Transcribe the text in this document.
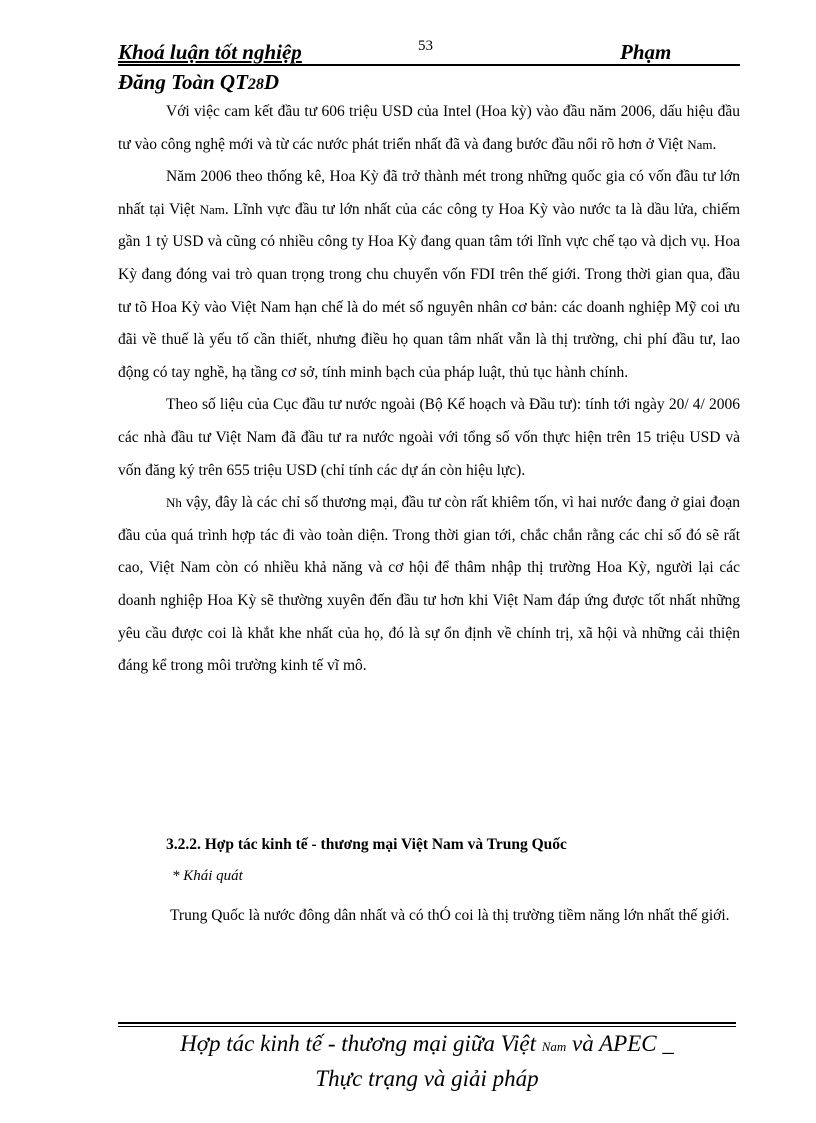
53
Khoá luận tốt nghiệp	Phạm
Đăng Toàn QT28D

Với việc cam kết đầu tư 606 triệu USD của Intel (Hoa kỳ) vào đầu năm 2006, dấu hiệu đầu tư vào công nghệ mới và từ các nước phát triển nhất đã và đang bước đầu nổi rõ hơn ở Việt Nam.

Năm 2006 theo thống kê, Hoa Kỳ đã trở thành mét trong những quốc gia có vốn đầu tư lớn nhất tại Việt Nam. Lĩnh vực đầu tư lớn nhất của các công ty Hoa Kỳ vào nước ta là dầu lửa, chiếm gần 1 tỷ USD và cũng có nhiều công ty Hoa Kỳ đang quan tâm tới lĩnh vực chế tạo và dịch vụ. Hoa Kỳ đang đóng vai trò quan trọng trong chu chuyển vốn FDI trên thế giới. Trong thời gian qua, đầu tư tõ Hoa Kỳ vào Việt Nam hạn chế là do mét số nguyên nhân cơ bản: các doanh nghiệp Mỹ coi ưu đãi về thuế là yếu tố cần thiết, nhưng điều họ quan tâm nhất vẫn là thị trường, chi phí đầu tư, lao động có tay nghề, hạ tầng cơ sở, tính minh bạch của pháp luật, thủ tục hành chính.

Theo số liệu của Cục đầu tư nước ngoài (Bộ Kế hoạch và Đầu tư): tính tới ngày 20/ 4/ 2006 các nhà đầu tư Việt Nam đã đầu tư ra nước ngoài với tổng số vốn thực hiện trên 15 triệu USD và vốn đăng ký trên 655 triệu USD (chỉ tính các dự án còn hiệu lực).

Nh vậy, đây là các chỉ số thương mại, đầu tư còn rất khiêm tốn, vì hai nước đang ở giai đoạn đầu của quá trình hợp tác đi vào toàn diện. Trong thời gian tới, chắc chắn rằng các chỉ số đó sẽ rất cao, Việt Nam còn có nhiều khả năng và cơ hội để thâm nhập thị trường Hoa Kỳ, người lại các doanh nghiệp Hoa Kỳ sẽ thường xuyên đến đầu tư hơn khi Việt Nam đáp ứng được tốt nhất những yêu cầu được coi là khắt khe nhất của họ, đó là sự ổn định về chính trị, xã hội và những cải thiện đáng kể trong môi trường kinh tế vĩ mô.

3.2.2. Hợp tác kinh tế - thương mại Việt Nam và Trung Quốc
* Khái quát

Trung Quốc là nước đông dân nhất và có thÓ coi là thị trường tiềm năng lớn nhất thế giới.

Hợp tác kinh tế - thương mại giữa Việt Nam và APEC _
Thực trạng và giải pháp
